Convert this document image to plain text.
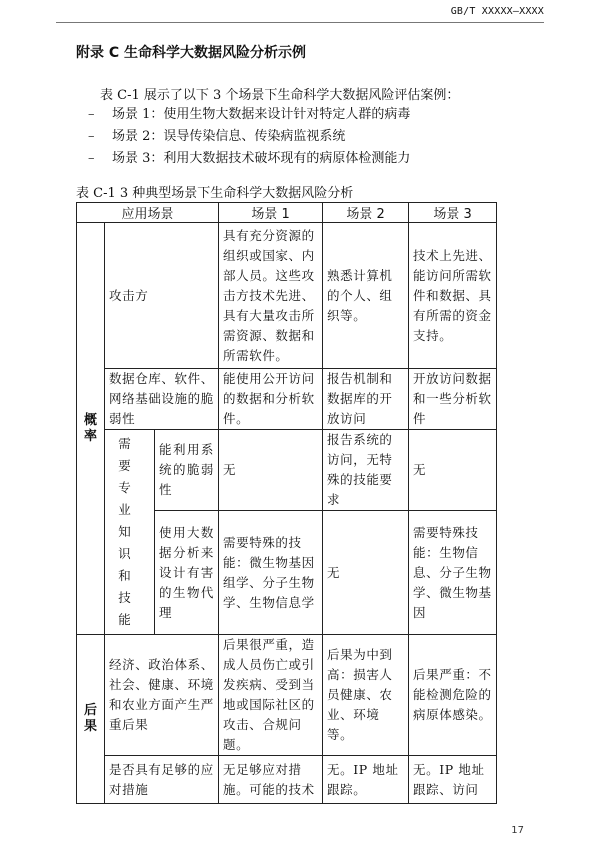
GB/T XXXXX—XXXX
附录 C 生命科学大数据风险分析示例
表 C-1 展示了以下 3 个场景下生命科学大数据风险评估案例：
– 场景 1：使用生物大数据来设计针对特定人群的病毒
– 场景 2：误导传染信息、传染病监视系统
– 场景 3：利用大数据技术破坏现有的病原体检测能力
表 C-1 3 种典型场景下生命科学大数据风险分析
应用场景			场景 1	场景 2	场景 3

概率	攻击方		具有充分资源的组织或国家、内部人员。这些攻击方技术先进、具有大量攻击所需资源、数据和所需软件。	熟悉计算机的个人、组织等。	技术上先进、能访问所需软件和数据、具有所需的资金支持。

	数据仓库、软件、网络基础设施的脆弱性		能使用公开访问的数据和分析软件。	报告机制和数据库的开放访问	开放访问数据和一些分析软件

	需要专业知识和技能	能利用系统的脆弱性	无	报告系统的访问，无特殊的技能要求	无

		使用大数据分析来设计有害的生物代理	需要特殊的技能：微生物基因组学、分子生物学、生物信息学	无	需要特殊技能：生物信息、分子生物学、微生物基因

后果	经济、政治体系、社会、健康、环境和农业方面产生严重后果		后果很严重，造成人员伤亡或引发疾病、受到当地或国际社区的攻击、合规问题。	后果为中到高：损害人员健康、农业、环境等。	后果严重：不能检测危险的病原体感染。

	是否具有足够的应对措施		无足够应对措施。可能的技术	无。IP 地址跟踪。	无。IP 地址跟踪、访问
17
